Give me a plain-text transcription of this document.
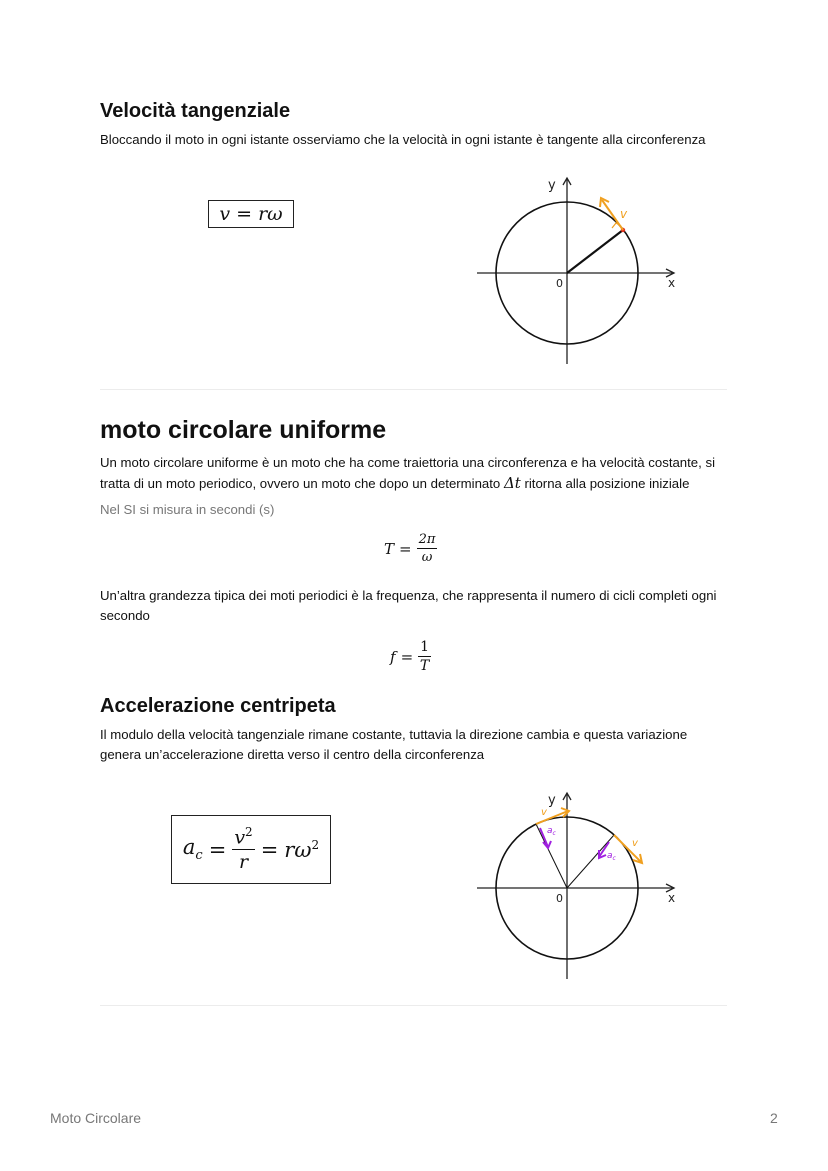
Velocità tangenziale

Bloccando il moto in ogni istante osserviamo che la velocità in ogni istante è tangente alla circonferenza

v = rω	v
y
x
0
moto circolare uniforme

Un moto circolare uniforme è un moto che ha come traiettoria una circonferenza e ha velocità costante, si
tratta di un moto periodico, ovvero un moto che dopo un determinato Δt ritorna alla posizione iniziale

Nel SI si misura in secondi (s)

$T = \frac{2\pi}{\omega}$

Un’altra grandezza tipica dei moti periodici è la frequenza, che rappresenta il numero di cicli completi ogni
secondo

$f = \frac{1}{T}$
Accelerazione centripeta

Il modulo della velocità tangenziale rimane costante, tuttavia la direzione cambia e questa variazione
genera un’accelerazione diretta verso il centro della circonferenza

$a_c = \frac{v^2}{r} = r\omega^2$
v
$a_c$
v
$a_c$
y
x
0
Moto Circolare	2
